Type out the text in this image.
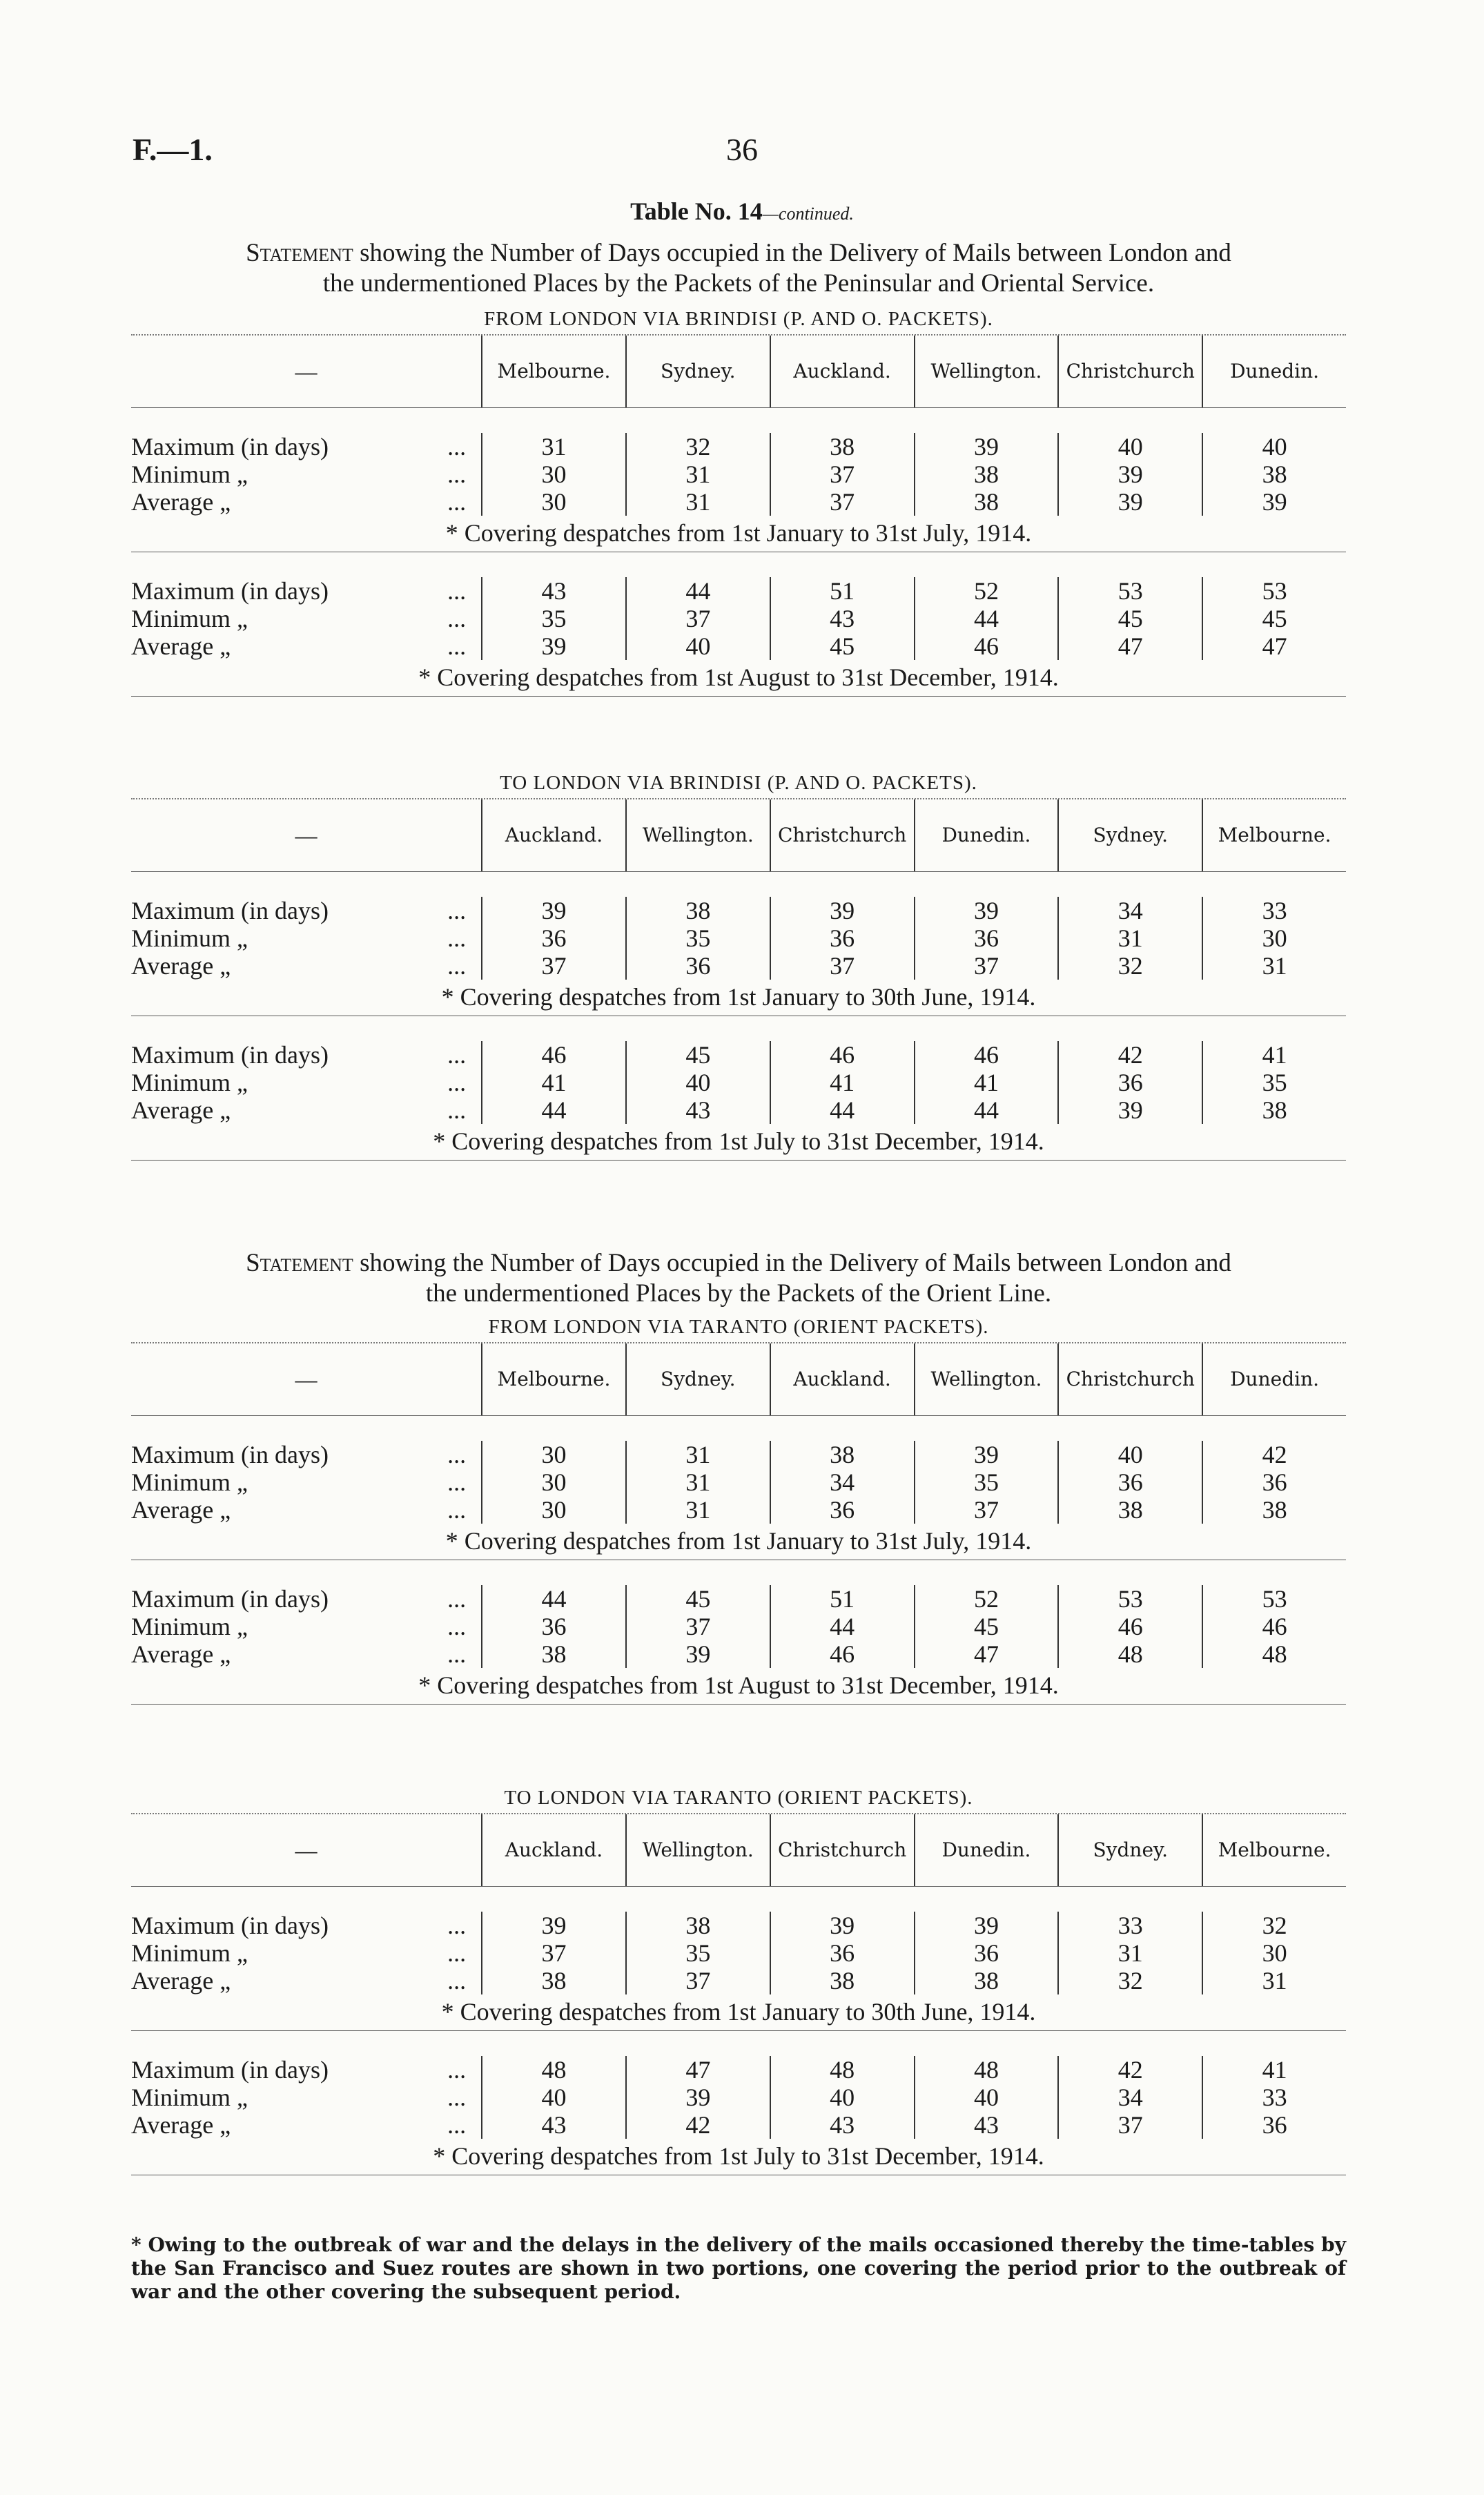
F.—1.	36
Table No. 14—continued.
Statement showing the Number of Days occupied in the Delivery of Mails between London and
the undermentioned Places by the Packets of the Peninsular and Oriental Service.
FROM LONDON VIA BRINDISI (P. AND O. PACKETS).
—	Melbourne.	Sydney.	Auckland.	Wellington.	Christchurch	Dunedin.
Maximum (in days)	...	31	32	38	39	40	40
Minimum „	...	30	31	37	38	39	38
Average „	...	30	31	37	38	39	39
* Covering despatches from 1st January to 31st July, 1914.
Maximum (in days)	...	43	44	51	52	53	53
Minimum „	...	35	37	43	44	45	45
Average „	...	39	40	45	46	47	47
* Covering despatches from 1st August to 31st December, 1914.
TO LONDON VIA BRINDISI (P. AND O. PACKETS).
—	Auckland.	Wellington.	Christchurch	Dunedin.	Sydney.	Melbourne.
Maximum (in days)	...	39	38	39	39	34	33
Minimum „	...	36	35	36	36	31	30
Average „	...	37	36	37	37	32	31
* Covering despatches from 1st January to 30th June, 1914.
Maximum (in days)	...	46	45	46	46	42	41
Minimum „	...	41	40	41	41	36	35
Average „	...	44	43	44	44	39	38
* Covering despatches from 1st July to 31st December, 1914.
Statement showing the Number of Days occupied in the Delivery of Mails between London and
the undermentioned Places by the Packets of the Orient Line.
FROM LONDON VIA TARANTO (ORIENT PACKETS).
—	Melbourne.	Sydney.	Auckland.	Wellington.	Christchurch	Dunedin.
Maximum (in days)	...	30	31	38	39	40	42
Minimum „	...	30	31	34	35	36	36
Average „	...	30	31	36	37	38	38
* Covering despatches from 1st January to 31st July, 1914.
Maximum (in days)	...	44	45	51	52	53	53
Minimum „	...	36	37	44	45	46	46
Average „	...	38	39	46	47	48	48
* Covering despatches from 1st August to 31st December, 1914.
TO LONDON VIA TARANTO (ORIENT PACKETS).
—	Auckland.	Wellington.	Christchurch	Dunedin.	Sydney.	Melbourne.
Maximum (in days)	...	39	38	39	39	33	32
Minimum „	...	37	35	36	36	31	30
Average „	...	38	37	38	38	32	31
* Covering despatches from 1st January to 30th June, 1914.
Maximum (in days)	...	48	47	48	48	42	41
Minimum „	...	40	39	40	40	34	33
Average „	...	43	42	43	43	37	36
* Covering despatches from 1st July to 31st December, 1914.
* Owing to the outbreak of war and the delays in the delivery of the mails occasioned thereby the time-tables by the San Francisco and Suez routes are shown in two portions, one covering the period prior to the outbreak of war and the other covering the subsequent period.
